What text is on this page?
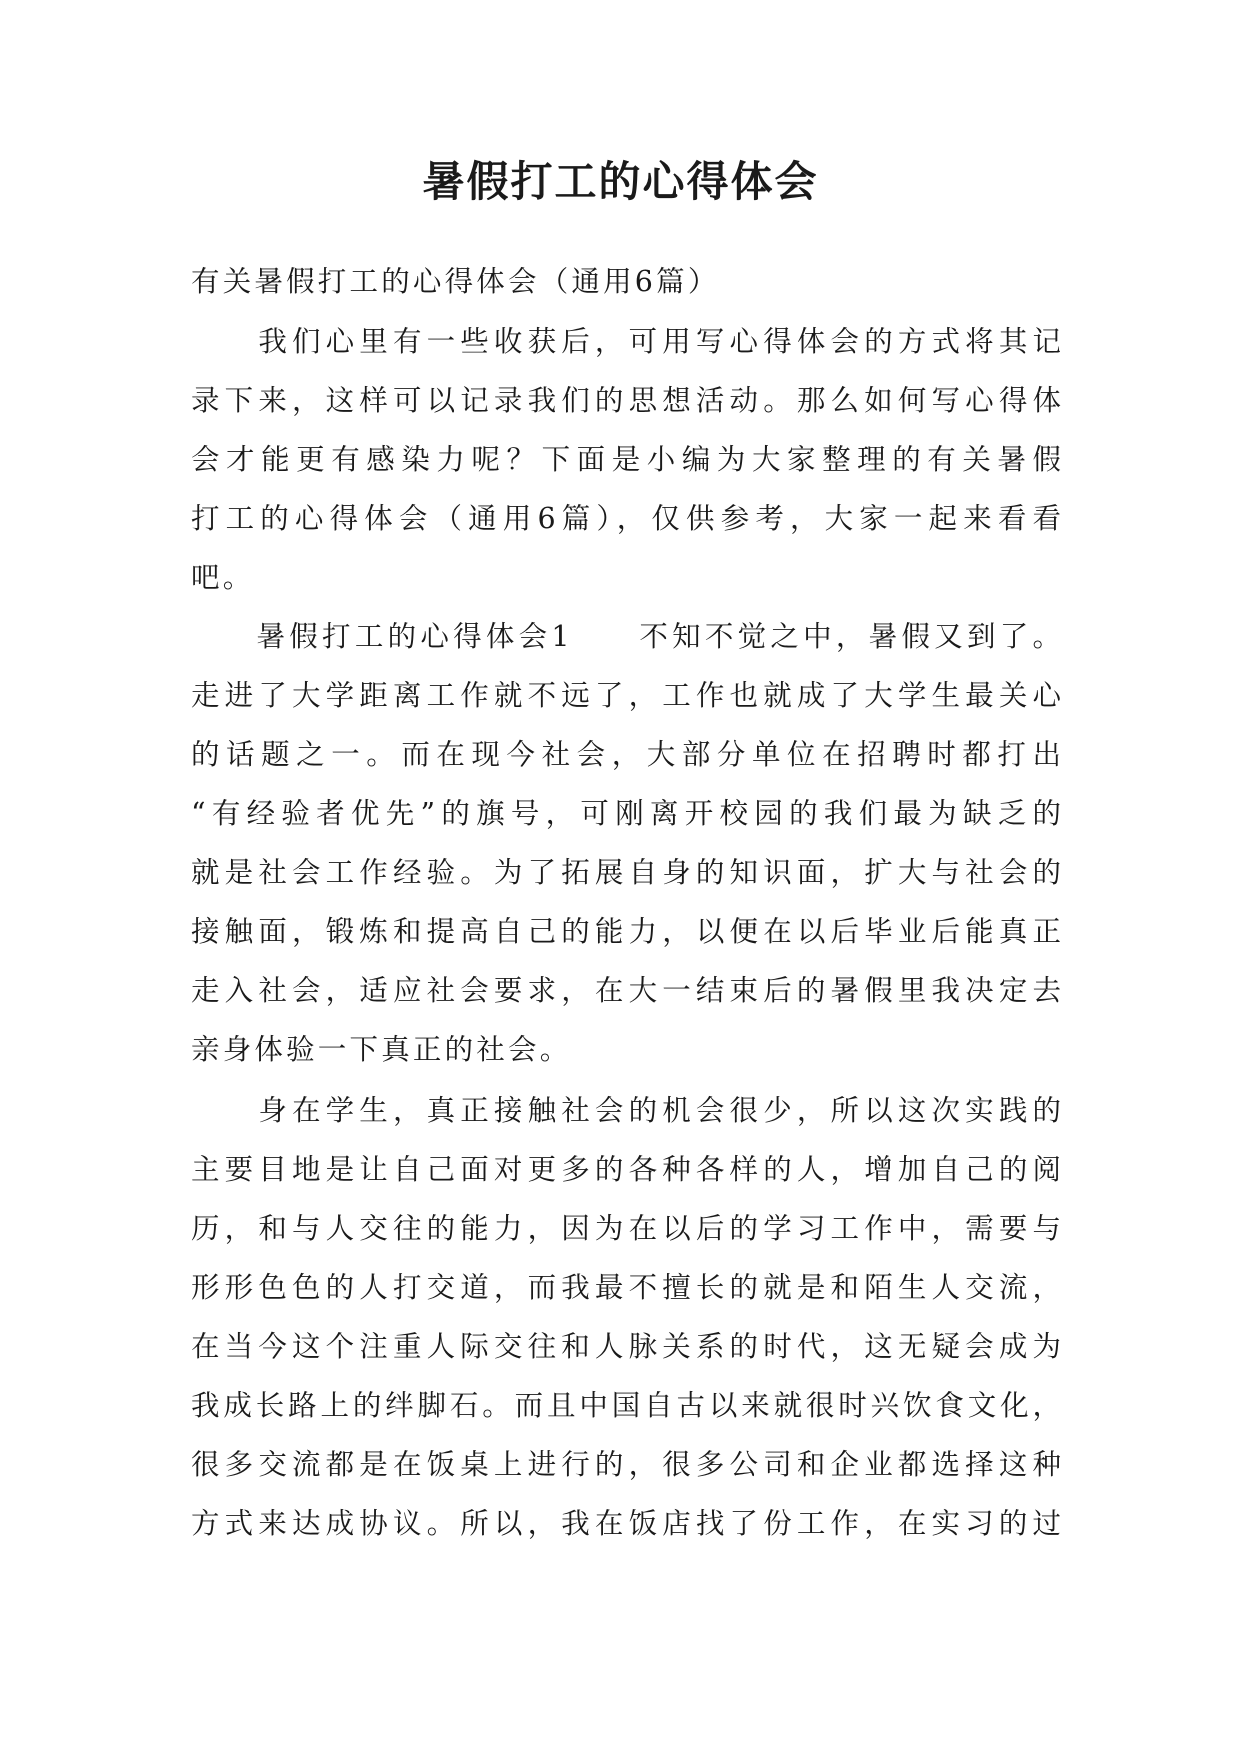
暑假打工的心得体会
有关暑假打工的心得体会（通用6篇）
　　我们心里有一些收获后，可用写心得体会的方式将其记
录下来，这样可以记录我们的思想活动。那么如何写心得体
会才能更有感染力呢？下面是小编为大家整理的有关暑假
打工的心得体会（通用6篇），仅供参考，大家一起来看看
吧。
　　暑假打工的心得体会1　　不知不觉之中，暑假又到了。
走进了大学距离工作就不远了，工作也就成了大学生最关心
的话题之一。而在现今社会，大部分单位在招聘时都打出
“有经验者优先”的旗号，可刚离开校园的我们最为缺乏的
就是社会工作经验。为了拓展自身的知识面，扩大与社会的
接触面，锻炼和提高自己的能力，以便在以后毕业后能真正
走入社会，适应社会要求，在大一结束后的暑假里我决定去
亲身体验一下真正的社会。
　　身在学生，真正接触社会的机会很少，所以这次实践的
主要目地是让自己面对更多的各种各样的人，增加自己的阅
历，和与人交往的能力，因为在以后的学习工作中，需要与
形形色色的人打交道，而我最不擅长的就是和陌生人交流，
在当今这个注重人际交往和人脉关系的时代，这无疑会成为
我成长路上的绊脚石。而且中国自古以来就很时兴饮食文化，
很多交流都是在饭桌上进行的，很多公司和企业都选择这种
方式来达成协议。所以，我在饭店找了份工作，在实习的过
